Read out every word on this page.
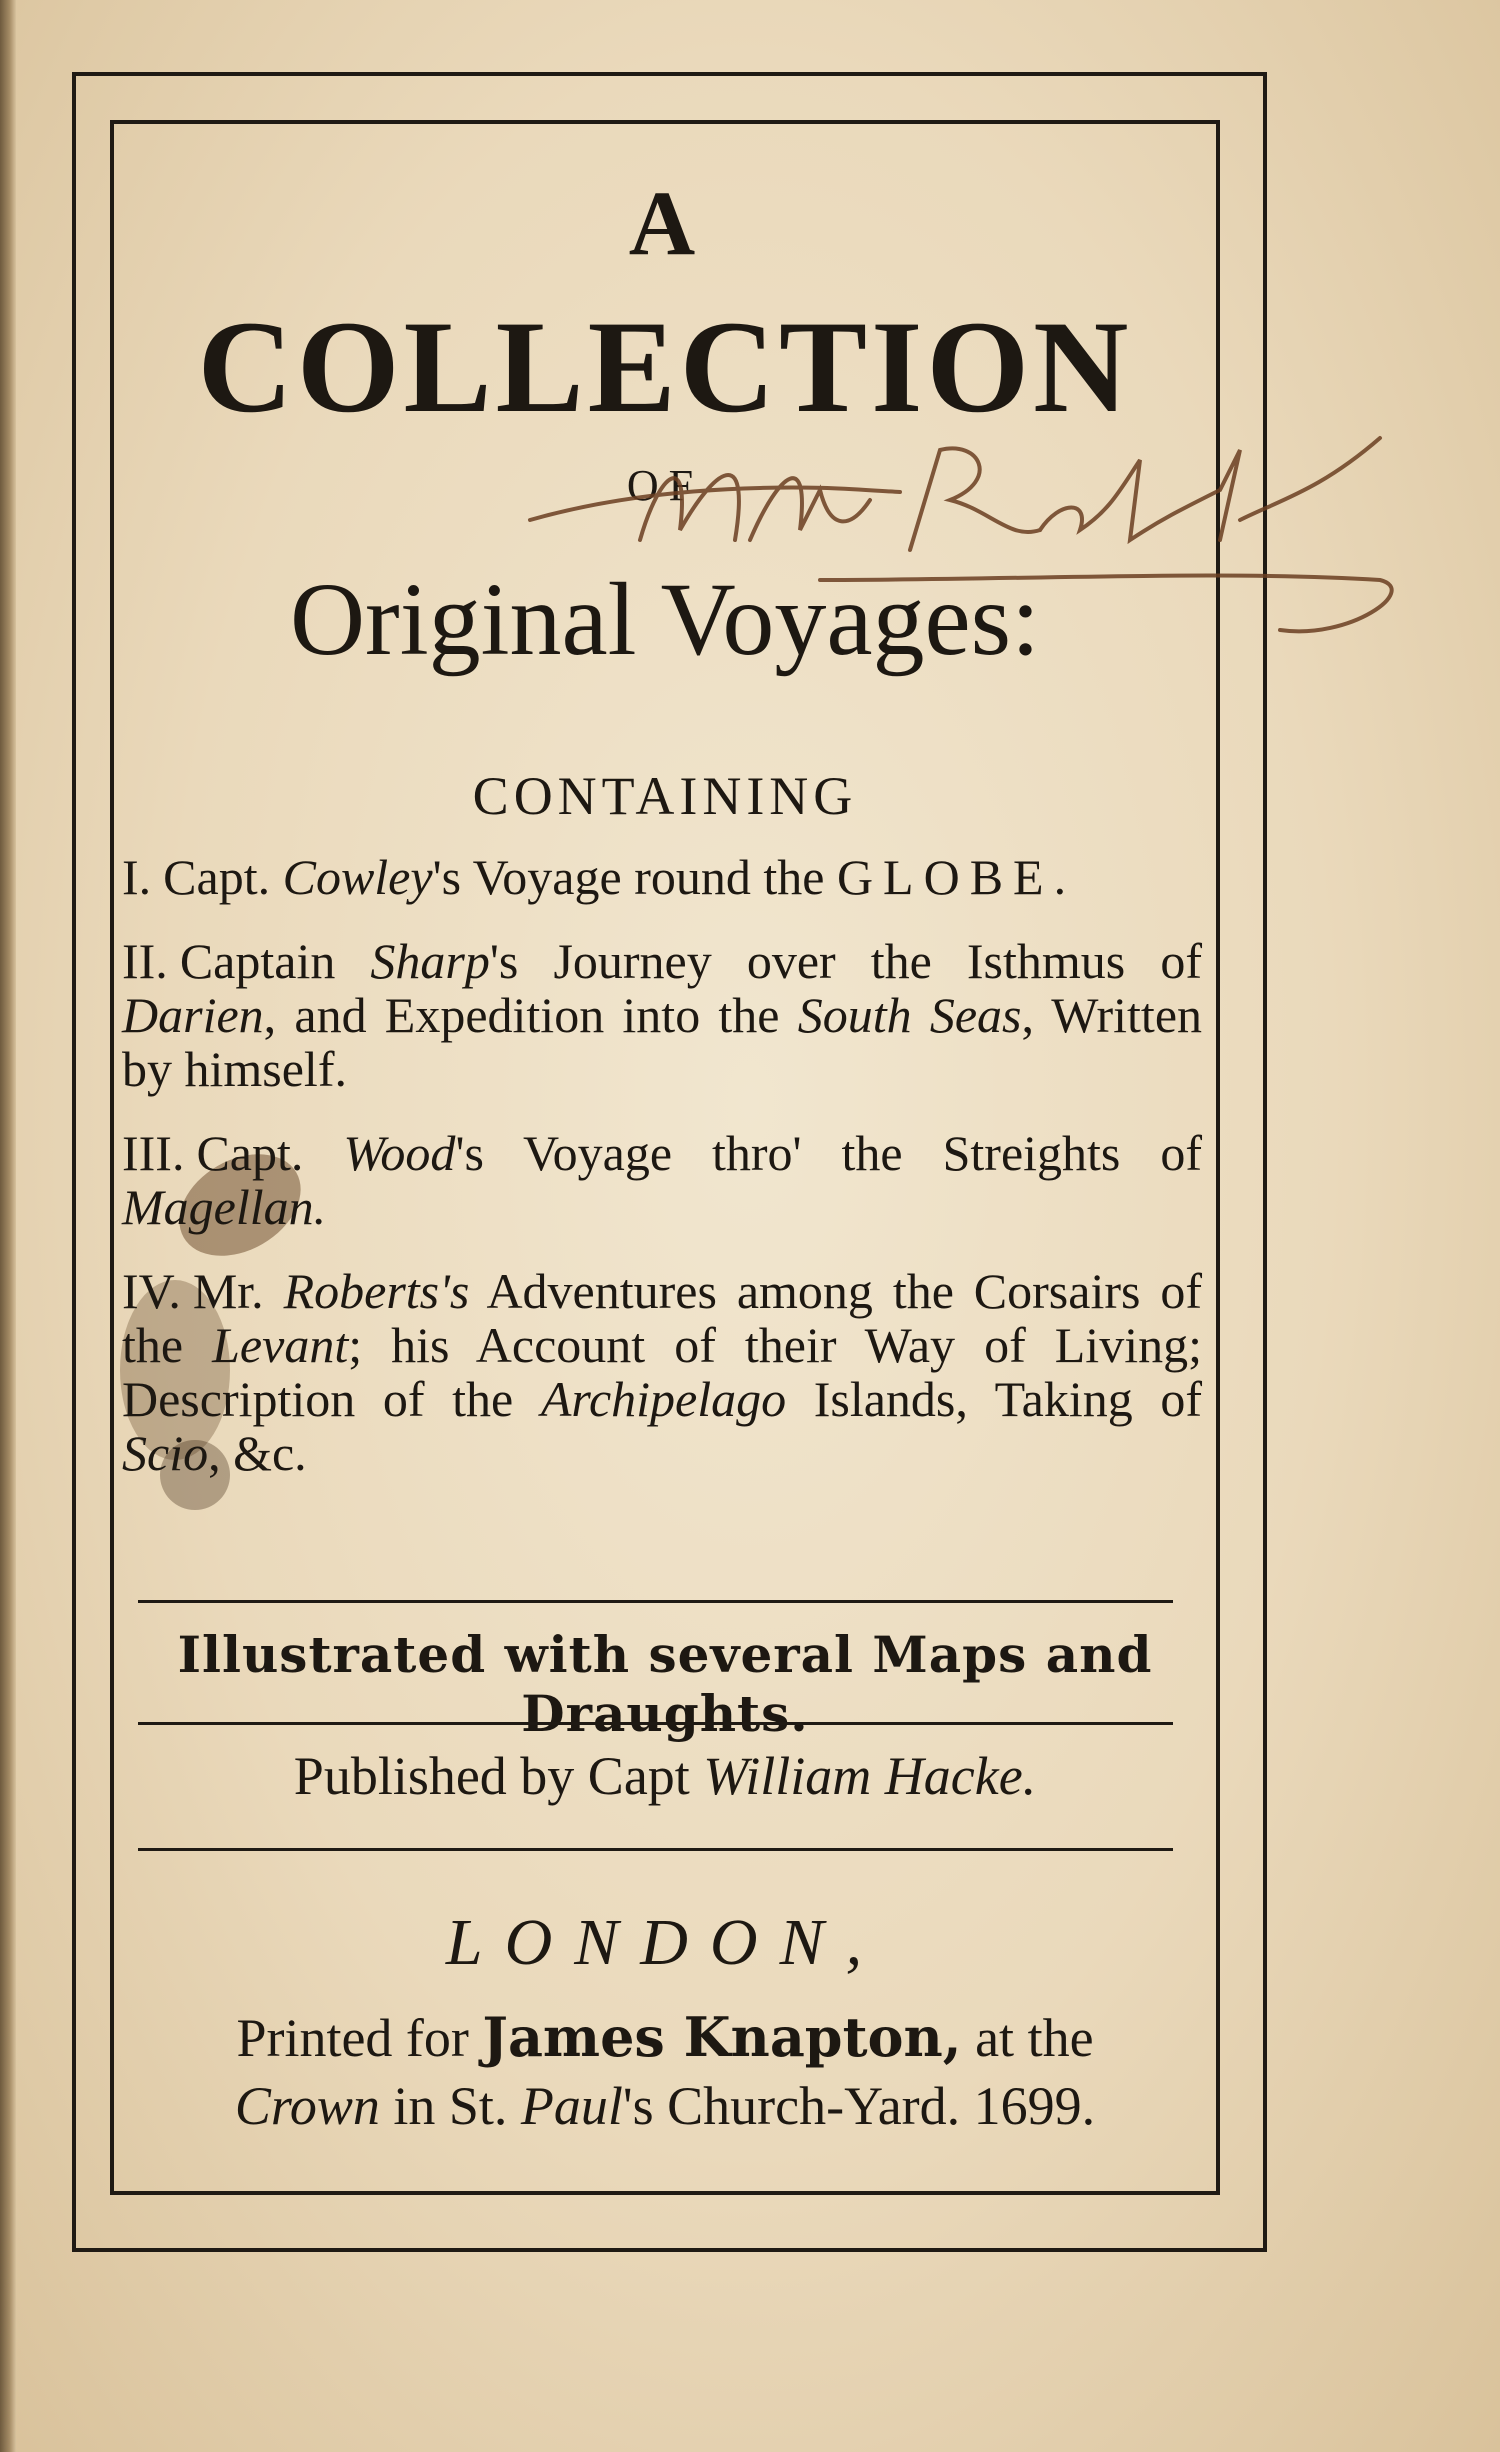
A

COLLECTION

OF

Original Voyages:

CONTAINING

I. Capt. Cowley's Voyage round the GLOBE.
II. Captain Sharp's Journey over the Isthmus of Darien, and Expedition into the South Seas, Written by himself.
III. Capt. Wood's Voyage thro' the Streights of Magellan.
IV. Mr. Roberts's Adventures among the Corsairs of the Levant; his Account of their Way of Living; Description of the Archipelago Islands, Taking of Scio, &c.

Illustrated with several Maps and Draughts.

Published by Capt William Hacke.

LONDON,

Printed for James Knapton, at the

Crown in St. Paul's Church-Yard. 1699.
